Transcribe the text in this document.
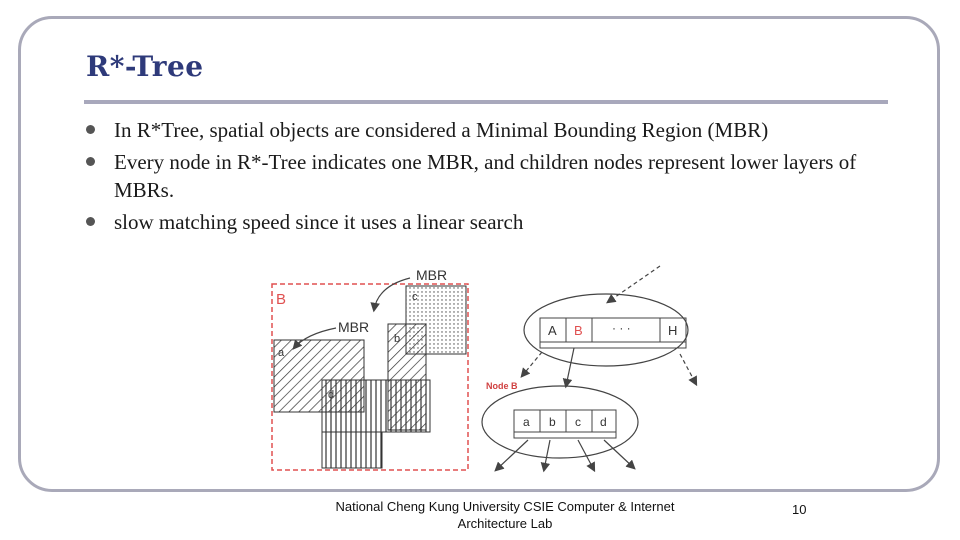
R*-Tree
In R*Tree, spatial objects are considered a Minimal Bounding Region (MBR)
Every node in R*-Tree indicates one MBR, and children nodes represent lower layers of MBRs.
slow matching speed since it uses a linear search
B
MBR
MBR
c
a
b
d
A B · · ·	H
Node B
a b c d
National Cheng Kung University CSIE Computer & Internet Architecture Lab
10
